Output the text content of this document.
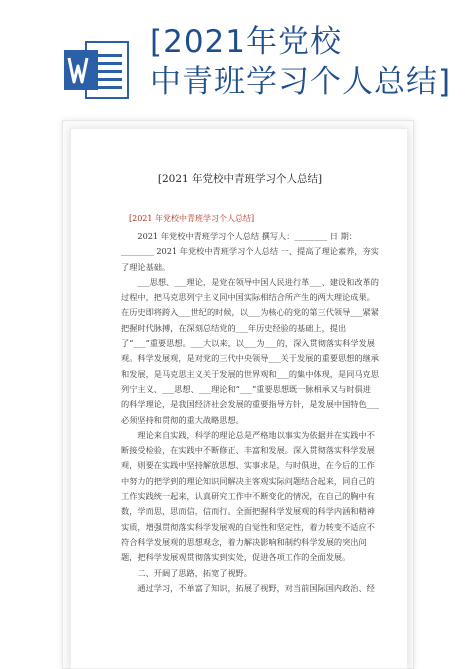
[2021年党校
中青班学习个人总结]
[2021 年党校中青班学习个人总结]
[2021 年党校中青班学习个人总结]

2021 年党校中青班学习个人总结 撰写人：________ 日 期：

________ 2021 年党校中青班学习个人总结 一、提高了理论素养，夯实了理论基础。

___思想、___理论，是党在领导中国人民进行革___、建设和改革的过程中，把马克思列宁主义同中国实际相结合所产生的两大理论成果。在历史即将跨入___世纪的时候，以___为核心的党的第三代领导___紧紧把握时代脉搏，在深刻总结党的___年历史经验的基础上，提出了“___”重要思想。___大以来，以___为___的，深入贯彻落实科学发展观。科学发展观，是对党的三代中央领导___关于发展的重要思想的继承和发展，是马克思主义关于发展的世界观和___的集中体现，是同马克思列宁主义、___思想、___理论和“___”重要思想既一脉相承又与时俱进的科学理论，是我国经济社会发展的重要指导方针，是发展中国特色___必须坚持和贯彻的重大战略思想。

理论来自实践，科学的理论总是严格地以事实为依据并在实践中不断接受检验，在实践中不断修正、丰富和发展。深入贯彻落实科学发展观，则要在实践中坚持解放思想、实事求是，与时俱进，在今后的工作中努力的把学到的理论知识同解决主客观实际问题结合起来，同自己的工作实践统一起来，认真研究工作中不断变化的情况，在自己的胸中有数，学而思，思而信，信而行。全面把握科学发展观的科学内涵和精神实质，增强贯彻落实科学发展观的自觉性和坚定性，着力转变不适应不符合科学发展观的思想观念，着力解决影响和制约科学发展的突出问题，把科学发展观贯彻落实到实处，促进各项工作的全面发展。

二、开阔了思路，拓宽了视野。

通过学习，不单富了知识，拓展了视野，对当前国际国内政治、经
